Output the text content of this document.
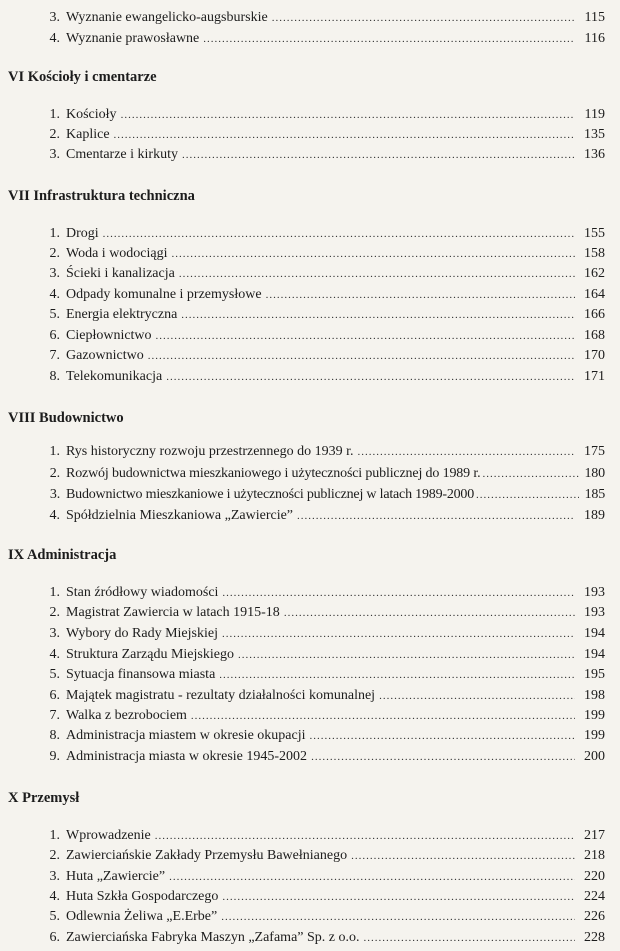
3. Wyznanie ewangelicko-augsburskie .....	115
4. Wyznanie prawosławne .....	116
VI Kościoły i cmentarze
1. Kościoły .....	119
2. Kaplice .....	135
3. Cmentarze i kirkuty .....	136
VII Infrastruktura techniczna
1. Drogi .....	155
2. Woda i wodociągi .....	158
3. Ścieki i kanalizacja .....	162
4. Odpady komunalne i przemysłowe .....	164
5. Energia elektryczna .....	166
6. Ciepłownictwo .....	168
7. Gazownictwo .....	170
8. Telekomunikacja .....	171
VIII Budownictwo
1. Rys historyczny rozwoju przestrzennego do 1939 r. .....	175
2. Rozwój budownictwa mieszkaniowego i użyteczności publicznej do 1989 r. .....	180
3. Budownictwo mieszkaniowe i użyteczności publicznej w latach 1989-2000 .....	185
4. Spółdzielnia Mieszkaniowa „Zawiercie” .....	189
IX Administracja
1. Stan źródłowy wiadomości .....	193
2. Magistrat Zawiercia w latach 1915-18 .....	193
3. Wybory do Rady Miejskiej .....	194
4. Struktura Zarządu Miejskiego .....	194
5. Sytuacja finansowa miasta .....	195
6. Majątek magistratu - rezultaty działalności komunalnej .....	198
7. Walka z bezrobociem .....	199
8. Administracja miastem w okresie okupacji .....	199
9. Administracja miasta w okresie 1945-2002 .....	200
X Przemysł
1. Wprowadzenie .....	217
2. Zawierciańskie Zakłady Przemysłu Bawełnianego .....	218
3. Huta „Zawiercie” .....	220
4. Huta Szkła Gospodarczego .....	224
5. Odlewnia Żeliwa „E.Erbe” .....	226
6. Zawierciańska Fabryka Maszyn „Zafama” Sp. z o.o. .....	228
